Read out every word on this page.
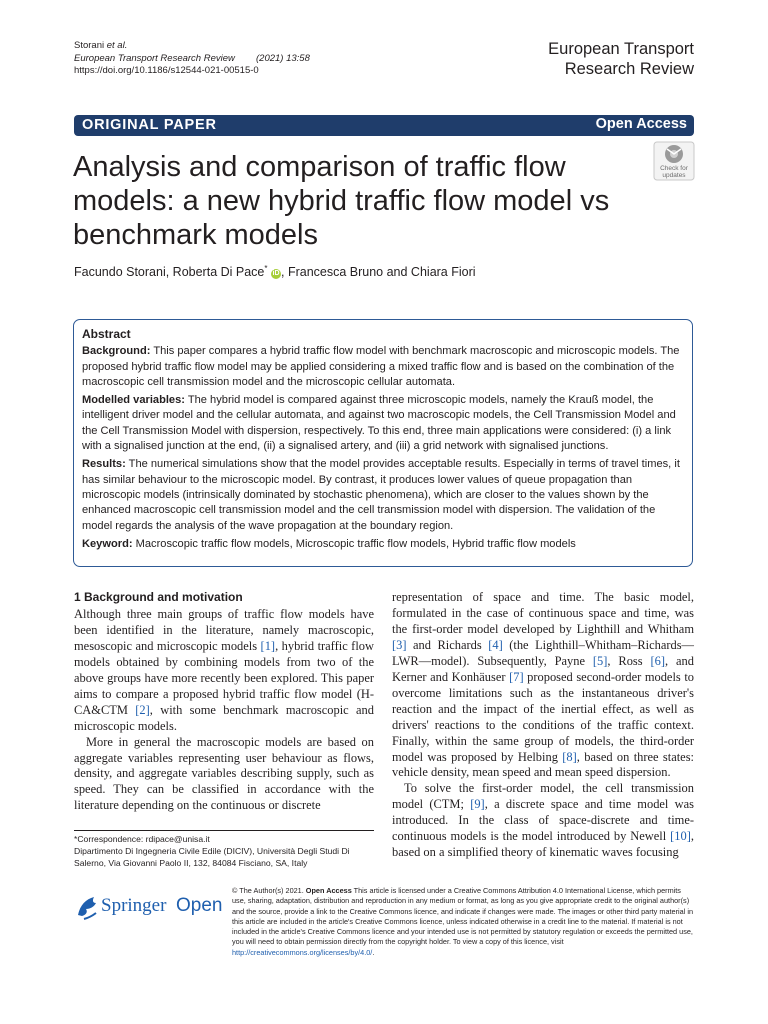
Storani et al.
European Transport Research Review (2021) 13:58
https://doi.org/10.1186/s12544-021-00515-0
European Transport
Research Review
ORIGINAL PAPER	Open Access
Analysis and comparison of traffic flow models: a new hybrid traffic flow model vs benchmark models
Check for
updates
Facundo Storani, Roberta Di Pace* iD , Francesca Bruno and Chiara Fiori
Abstract

Background: This paper compares a hybrid traffic flow model with benchmark macroscopic and microscopic models. The proposed hybrid traffic flow model may be applied considering a mixed traffic flow and is based on the combination of the macroscopic cell transmission model and the microscopic cellular automata.

Modelled variables: The hybrid model is compared against three microscopic models, namely the Krauß model, the intelligent driver model and the cellular automata, and against two macroscopic models, the Cell Transmission Model and the Cell Transmission Model with dispersion, respectively. To this end, three main applications were considered: (i) a link with a signalised junction at the end, (ii) a signalised artery, and (iii) a grid network with signalised junctions.

Results: The numerical simulations show that the model provides acceptable results. Especially in terms of travel times, it has similar behaviour to the microscopic model. By contrast, it produces lower values of queue propagation than microscopic models (intrinsically dominated by stochastic phenomena), which are closer to the values shown by the enhanced macroscopic cell transmission model and the cell transmission model with dispersion. The validation of the model regards the analysis of the wave propagation at the boundary region.

Keyword: Macroscopic traffic flow models, Microscopic traffic flow models, Hybrid traffic flow models

1 Background and motivation

Although three main groups of traffic flow models have been identified in the literature, namely macroscopic, mesoscopic and microscopic models [1], hybrid traffic flow models obtained by combining models from two of the above groups have more recently been explored. This paper aims to compare a proposed hybrid traffic flow model (H-CA&CTM [2], with some benchmark macroscopic and microscopic models.

More in general the macroscopic models are based on aggregate variables representing user behaviour as flows, density, and aggregate variables describing supply, such as speed. They can be classified in accordance with the literature depending on the continuous or discrete

representation of space and time. The basic model, formulated in the case of continuous space and time, was the first-order model developed by Lighthill and Whitham [3] and Richards [4] (the Lighthill–Whitham–Richards—LWR—model). Subsequently, Payne [5], Ross [6], and Kerner and Konhäuser [7] proposed second-order models to overcome limitations such as the instantaneous driver's reaction and the impact of the inertial effect, as well as drivers' reactions to the conditions of the traffic context. Finally, within the same group of models, the third-order model was proposed by Helbing [8], based on three states: vehicle density, mean speed and mean speed dispersion.

To solve the first-order model, the cell transmission model (CTM; [9], a discrete space and time model was introduced. In the class of space-discrete and time-continuous models is the model introduced by Newell [10], based on a simplified theory of kinematic waves focusing

*Correspondence: rdipace@unisa.it
Dipartimento Di Ingegneria Civile Edile (DICIV), Università Degli Studi Di Salerno, Via Giovanni Paolo II, 132, 84084 Fisciano, SA, Italy
Springer Open
© The Author(s) 2021. Open Access This article is licensed under a Creative Commons Attribution 4.0 International License, which permits use, sharing, adaptation, distribution and reproduction in any medium or format, as long as you give appropriate credit to the original author(s) and the source, provide a link to the Creative Commons licence, and indicate if changes were made. The images or other third party material in this article are included in the article's Creative Commons licence, unless indicated otherwise in a credit line to the material. If material is not included in the article's Creative Commons licence and your intended use is not permitted by statutory regulation or exceeds the permitted use, you will need to obtain permission directly from the copyright holder. To view a copy of this licence, visit http://creativecommons.org/licenses/by/4.0/.
